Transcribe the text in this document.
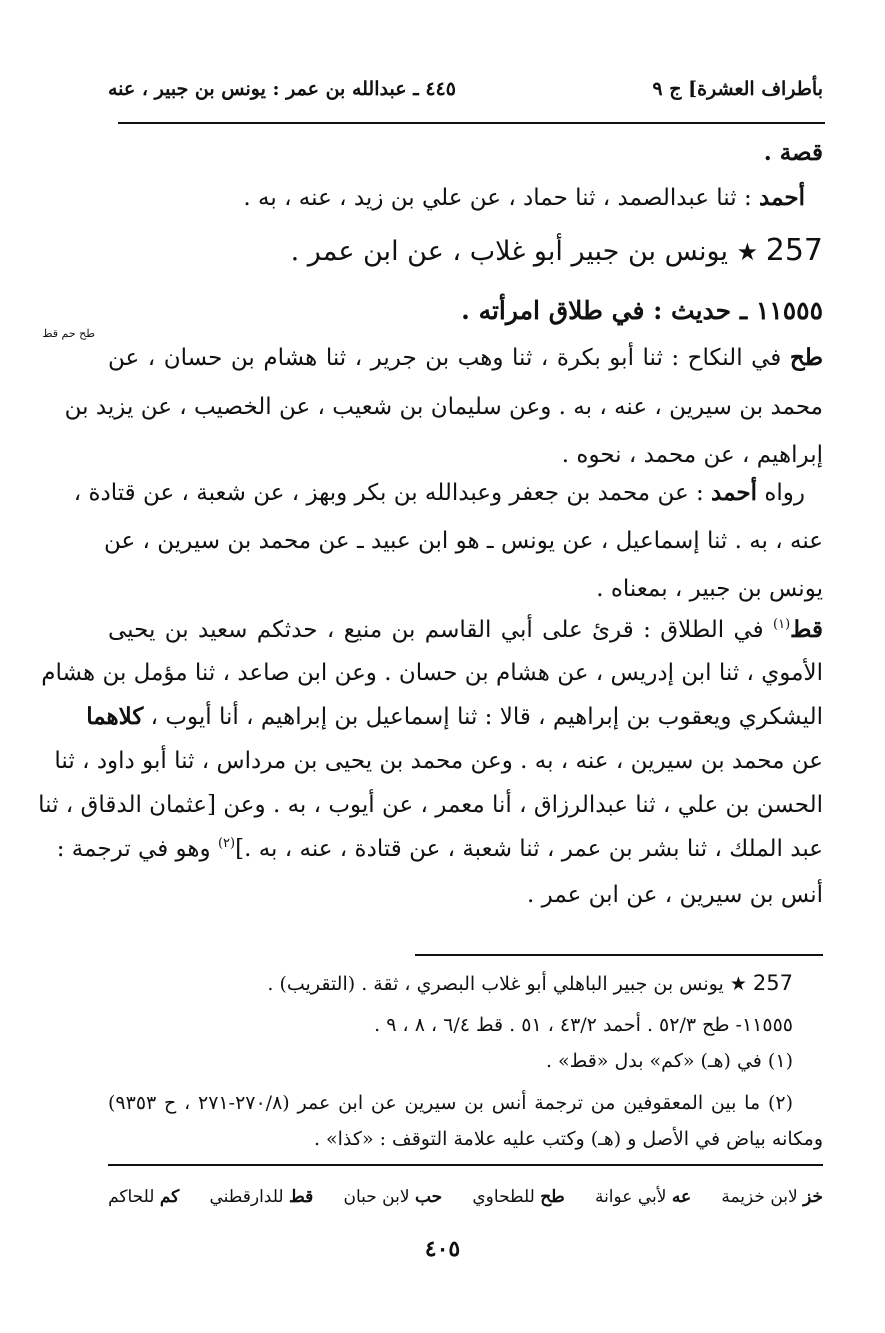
بأطراف العشرة] ج ٩
٤٤٥ ـ عبدالله بن عمر : يونس بن جبير ، عنه
قصة .
أحمد : ثنا عبدالصمد ، ثنا حماد ، عن علي بن زيد ، عنه ، به .
257 ★ يونس بن جبير أبو غلاب ، عن ابن عمر .
١١٥٥٥ ـ حديث : في طلاق امرأته .
طح حم قط
طح في النكاح : ثنا أبو بكرة ، ثنا وهب بن جرير ، ثنا هشام بن حسان ، عن
محمد بن سيرين ، عنه ، به . وعن سليمان بن شعيب ، عن الخصيب ، عن يزيد بن
إبراهيم ، عن محمد ، نحوه .
رواه أحمد : عن محمد بن جعفر وعبدالله بن بكر وبهز ، عن شعبة ، عن قتادة ،
عنه ، به . ثنا إسماعيل ، عن يونس ـ هو ابن عبيد ـ عن محمد بن سيرين ، عن
يونس بن جبير ، بمعناه .
قط$^{(١)}$ في الطلاق : قرئ على أبي القاسم بن منيع ، حدثكم سعيد بن يحيى
الأموي ، ثنا ابن إدريس ، عن هشام بن حسان . وعن ابن صاعد ، ثنا مؤمل بن هشام
اليشكري ويعقوب بن إبراهيم ، قالا : ثنا إسماعيل بن إبراهيم ، أنا أيوب ، كلاهما
عن محمد بن سيرين ، عنه ، به . وعن محمد بن يحيى بن مرداس ، ثنا أبو داود ، ثنا
الحسن بن علي ، ثنا عبدالرزاق ، أنا معمر ، عن أيوب ، به . وعن [عثمان الدقاق ، ثنا
عبد الملك ، ثنا بشر بن عمر ، ثنا شعبة ، عن قتادة ، عنه ، به .]$^{(٢)}$ وهو في ترجمة :
أنس بن سيرين ، عن ابن عمر .
257 ★ يونس بن جبير الباهلي أبو غلاب البصري ، ثقة . (التقريب) .
١١٥٥٥- طح ٥٢/٣ . أحمد ٤٣/٢ ، ٥١ . قط ٦/٤ ، ٨ ، ٩ .
(١) في (هـ) «كم» بدل «قط» .
(٢) ما بين المعقوفين من ترجمة أنس بن سيرين عن ابن عمر (٢٧٠/٨-٢٧١ ، ح ٩٣٥٣)
ومكانه بياض في الأصل و (هـ) وكتب عليه علامة التوقف : «كذا» .
خز لابن خزيمة
عه لأبي عوانة
طح للطحاوي
حب لابن حبان
قط للدارقطني
كم للحاكم
٤٠٥
